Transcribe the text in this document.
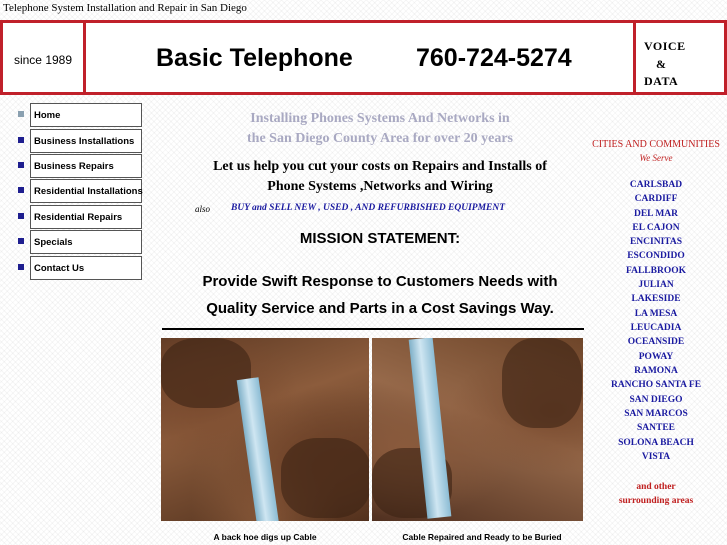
Telephone System Installation and Repair in San Diego
since 1989	Basic Telephone	760-724-5274	VOICE
&
DATA
Home
Business Installations
Business Repairs
Residential Installations
Residential Repairs
Specials
Contact Us
Installing Phones Systems And Networks in
the San Diego County Area for over 20 years
Let us help you cut your costs on Repairs and Installs of
Phone Systems ,Networks and Wiring
also BUY and SELL NEW , USED , AND REFURBISHED EQUIPMENT
MISSION STATEMENT:
Provide Swift Response to Customers Needs with
Quality Service and Parts in a Cost Savings Way.
A back hoe digs up Cable	Cable Repaired and Ready to be Buried
CITIES AND COMMUNITIES
We Serve
CARLSBAD
CARDIFF
DEL MAR
EL CAJON
ENCINITAS
ESCONDIDO
FALLBROOK
JULIAN
LAKESIDE
LA MESA
LEUCADIA
OCEANSIDE
POWAY
RAMONA
RANCHO SANTA FE
SAN DIEGO
SAN MARCOS
SANTEE
SOLONA BEACH
VISTA
and other
surrounding areas
